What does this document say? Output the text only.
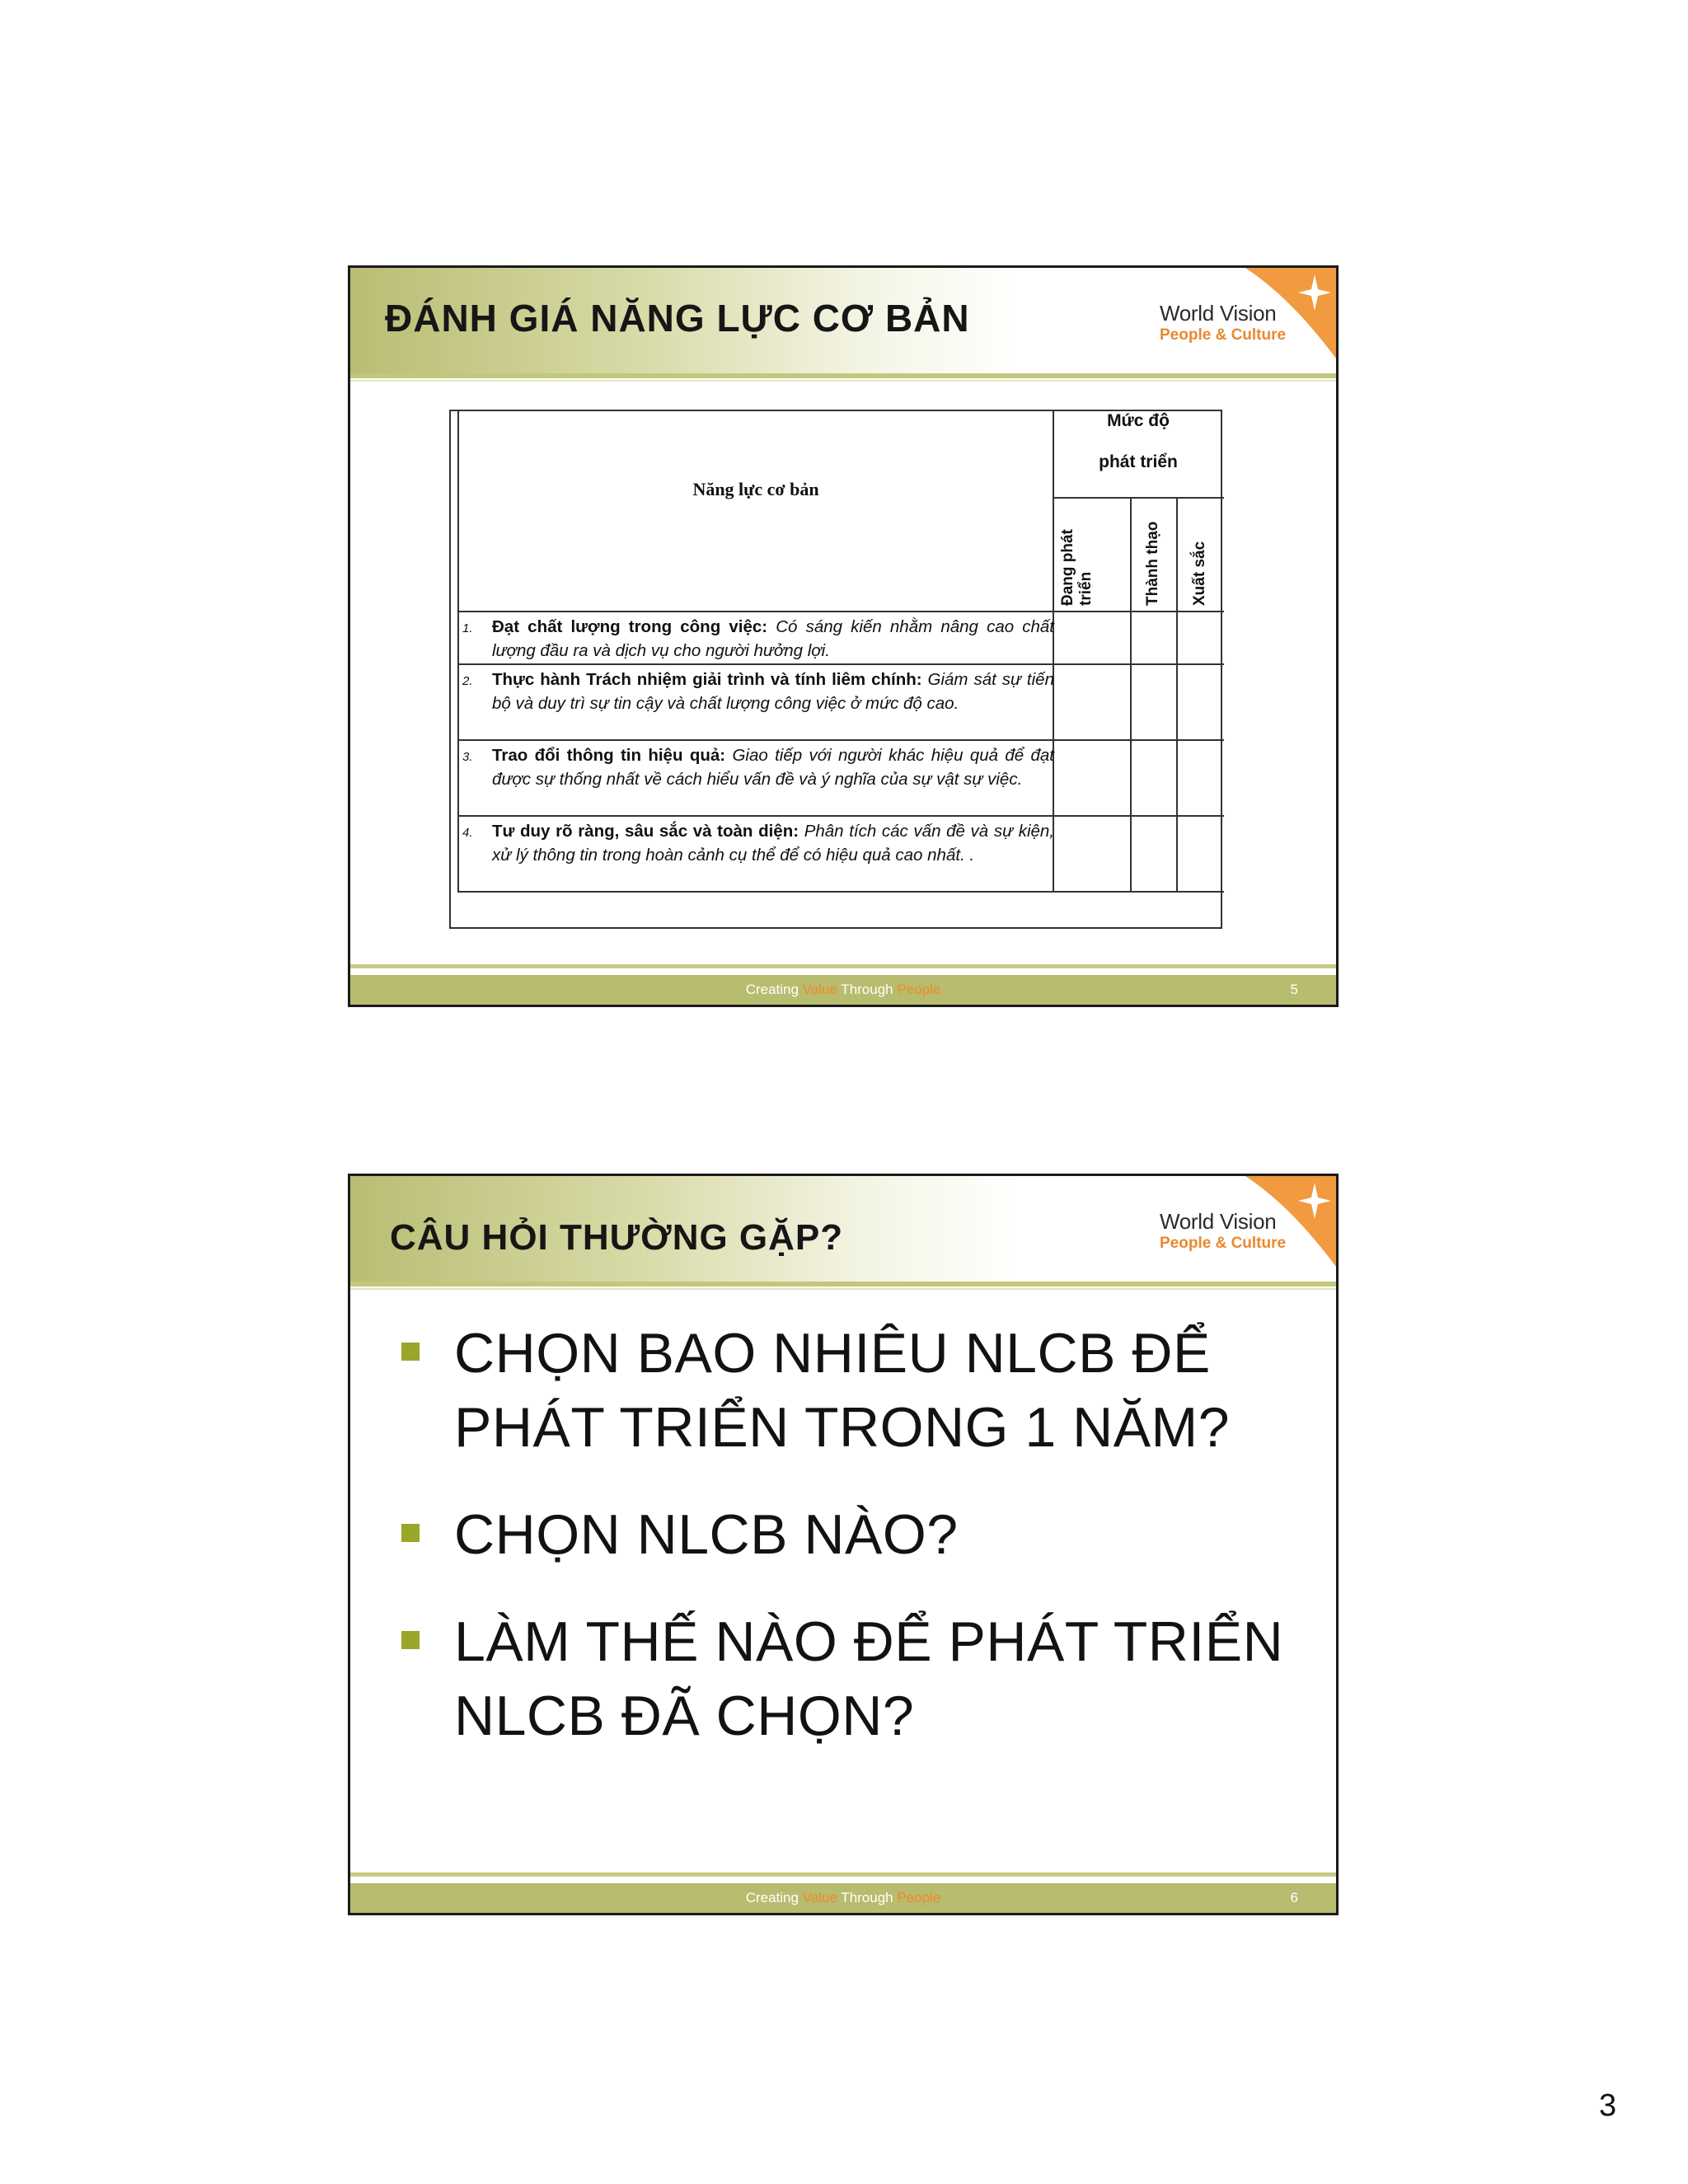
ĐÁNH GIÁ NĂNG LỰC CƠ BẢN	World Vision
People & Culture
Năng lực cơ bản
Mức độ
phát triển
Đang phát triển	Thành thạo Xuất sắc
1. Đạt chất lượng trong công việc: Có sáng kiến nhằm nâng cao chất lượng đầu ra và dịch vụ cho người hưởng lợi.
2. Thực hành Trách nhiệm giải trình và tính liêm chính: Giám sát sự tiến bộ và duy trì sự tin cậy và chất lượng công việc ở mức độ cao.
3. Trao đổi thông tin hiệu quả: Giao tiếp với người khác hiệu quả để đạt được sự thống nhất về cách hiểu vấn đề và ý nghĩa của sự vật sự việc.
4. Tư duy rõ ràng, sâu sắc và toàn diện: Phân tích các vấn đề và sự kiện, xử lý thông tin trong hoàn cảnh cụ thể để có hiệu quả cao nhất. .
Creating Value Through People	5
CÂU HỎI THƯỜNG GẶP?	World Vision
People & Culture
CHỌN BAO NHIÊU NLCB ĐỂ PHÁT TRIỂN TRONG 1 NĂM?
CHỌN NLCB NÀO?
LÀM THẾ NÀO ĐỂ PHÁT TRIỂN NLCB ĐÃ CHỌN?
Creating Value Through People	6
3
